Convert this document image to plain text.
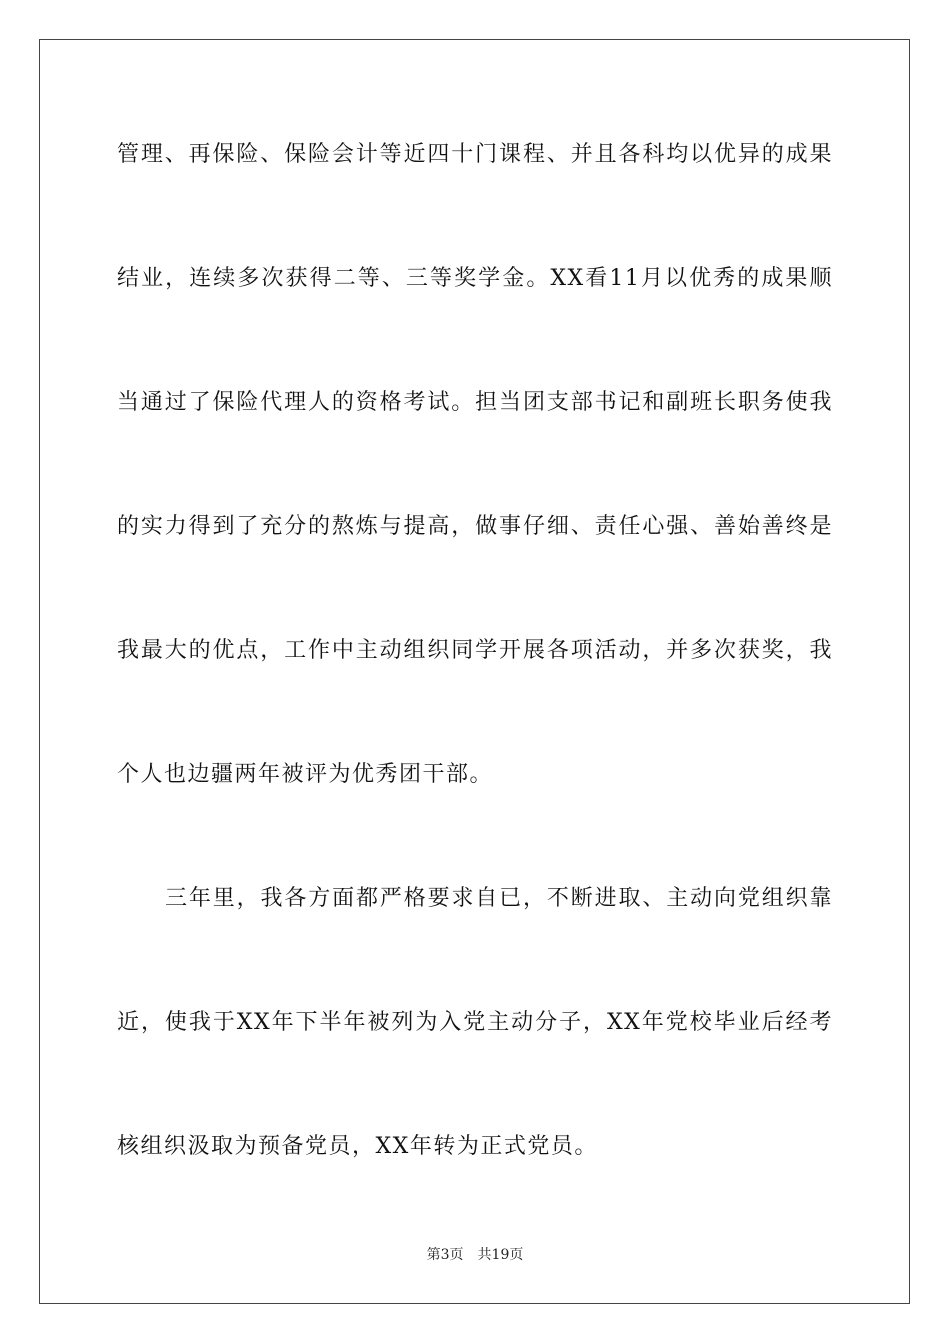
管理、再保险、保险会计等近四十门课程、并且各科均以优异的成果
结业，连续多次获得二等、三等奖学金。XX看11月以优秀的成果顺
当通过了保险代理人的资格考试。担当团支部书记和副班长职务使我
的实力得到了充分的熬炼与提高，做事仔细、责任心强、善始善终是
我最大的优点，工作中主动组织同学开展各项活动，并多次获奖，我
个人也边疆两年被评为优秀团干部。
三年里，我各方面都严格要求自已，不断进取、主动向党组织靠
近，使我于XX年下半年被列为入党主动分子，XX年党校毕业后经考
核组织汲取为预备党员，XX年转为正式党员。
第3页 共19页
